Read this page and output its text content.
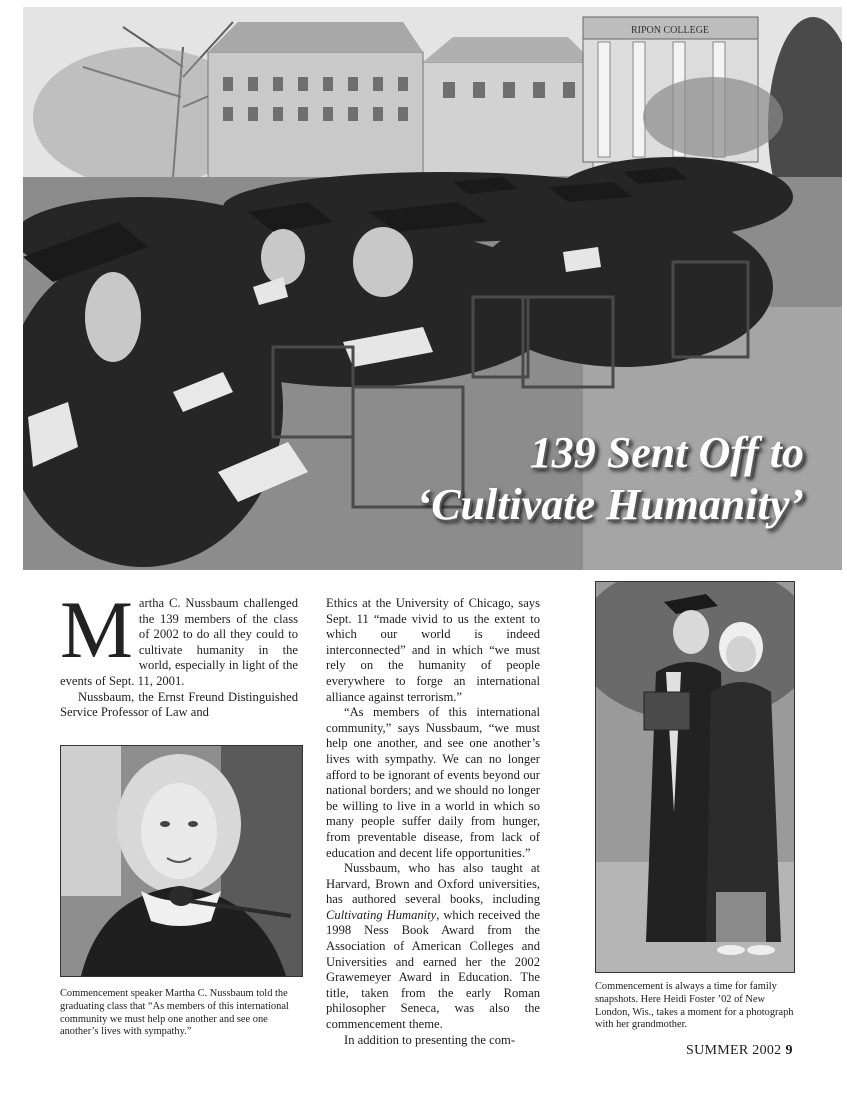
RIPON COLLEGE
139 Sent Off to
‘Cultivate Humanity’

Martha C. Nussbaum challenged the 139 members of the class of 2002 to do all they could to cultivate humanity in the world, especially in light of the events of Sept. 11, 2001.

Nussbaum, the Ernst Freund Distinguished Service Professor of Law and

Commencement speaker Martha C. Nussbaum told the graduating class that “As members of this international community we must help one another and see one another’s lives with sympathy.”

Ethics at the University of Chicago, says Sept. 11 “made vivid to us the extent to which our world is indeed interconnected” and in which “we must rely on the humanity of people everywhere to forge an international alliance against terrorism.”

“As members of this international community,” says Nussbaum, “we must help one another, and see one another’s lives with sympathy. We can no longer afford to be ignorant of events beyond our national borders; and we should no longer be willing to live in a world in which so many people suffer daily from hunger, from preventable disease, from lack of education and decent life opportunities.”

Nussbaum, who has also taught at Harvard, Brown and Oxford universities, has authored several books, including Cultivating Humanity, which received the 1998 Ness Book Award from the Association of American Colleges and Universities and earned her the 2002 Grawemeyer Award in Education. The title, taken from the early Roman philosopher Seneca, was also the commencement theme.

In addition to presenting the com-

Commencement is always a time for family snapshots. Here Heidi Foster ’02 of New London, Wis., takes a moment for a photograph with her grandmother.
SUMMER 2002 9
